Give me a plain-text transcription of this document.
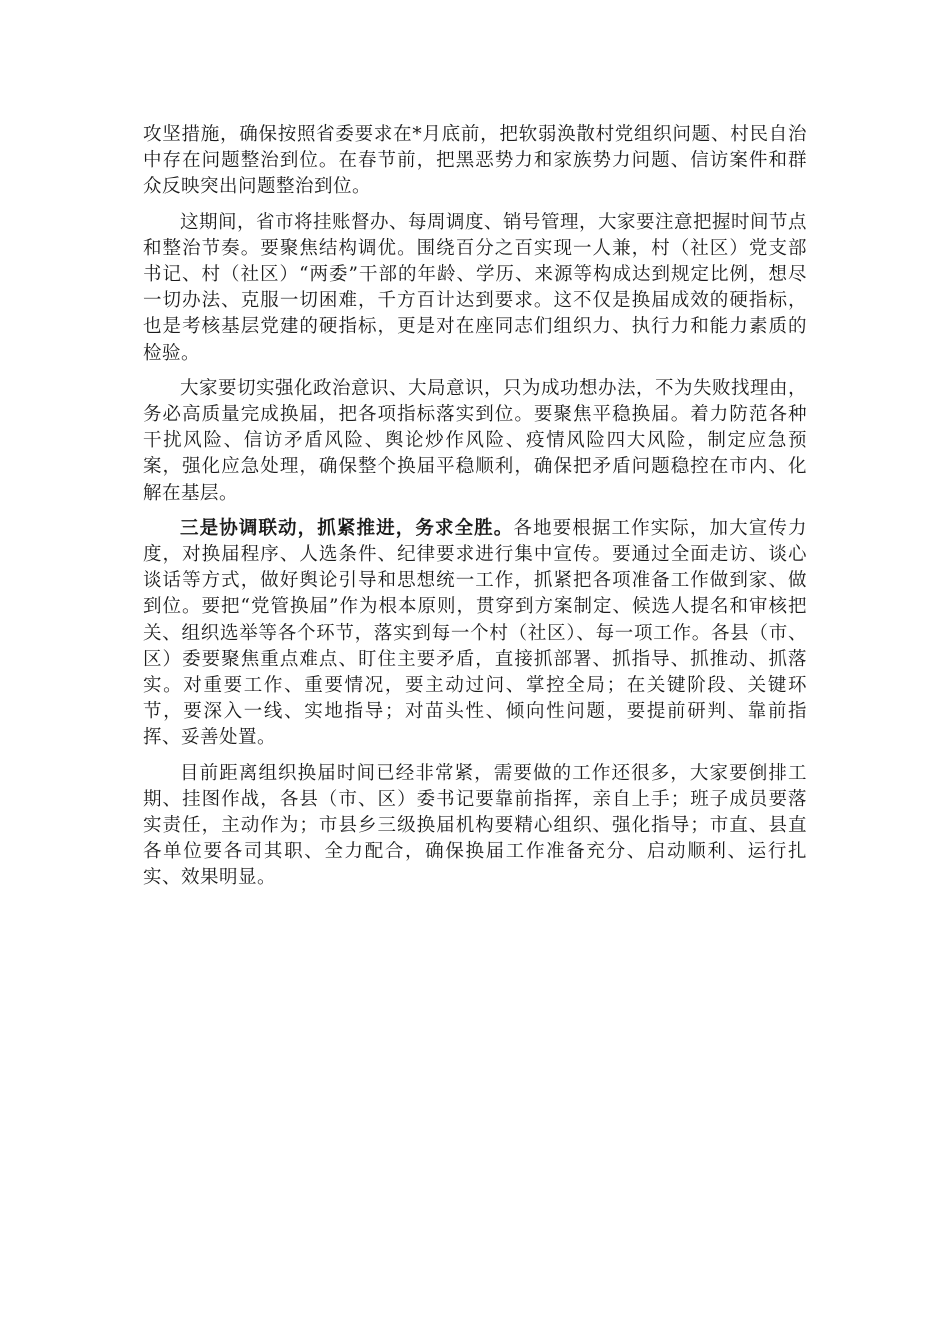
攻坚措施，确保按照省委要求在*月底前，把软弱涣散村党组织问题、村民自治中存在问题整治到位。在春节前，把黑恶势力和家族势力问题、信访案件和群众反映突出问题整治到位。

这期间，省市将挂账督办、每周调度、销号管理，大家要注意把握时间节点和整治节奏。要聚焦结构调优。围绕百分之百实现一人兼，村（社区）党支部书记、村（社区）“两委”干部的年龄、学历、来源等构成达到规定比例，想尽一切办法、克服一切困难，千方百计达到要求。这不仅是换届成效的硬指标，也是考核基层党建的硬指标，更是对在座同志们组织力、执行力和能力素质的检验。

大家要切实强化政治意识、大局意识，只为成功想办法，不为失败找理由，务必高质量完成换届，把各项指标落实到位。要聚焦平稳换届。着力防范各种干扰风险、信访矛盾风险、舆论炒作风险、疫情风险四大风险，制定应急预案，强化应急处理，确保整个换届平稳顺利，确保把矛盾问题稳控在市内、化解在基层。

三是协调联动，抓紧推进，务求全胜。各地要根据工作实际，加大宣传力度，对换届程序、人选条件、纪律要求进行集中宣传。要通过全面走访、谈心谈话等方式，做好舆论引导和思想统一工作，抓紧把各项准备工作做到家、做到位。要把“党管换届”作为根本原则，贯穿到方案制定、候选人提名和审核把关、组织选举等各个环节，落实到每一个村（社区）、每一项工作。各县（市、区）委要聚焦重点难点、盯住主要矛盾，直接抓部署、抓指导、抓推动、抓落实。对重要工作、重要情况，要主动过问、掌控全局；在关键阶段、关键环节，要深入一线、实地指导；对苗头性、倾向性问题，要提前研判、靠前指挥、妥善处置。

目前距离组织换届时间已经非常紧，需要做的工作还很多，大家要倒排工期、挂图作战，各县（市、区）委书记要靠前指挥，亲自上手；班子成员要落实责任，主动作为；市县乡三级换届机构要精心组织、强化指导；市直、县直各单位要各司其职、全力配合，确保换届工作准备充分、启动顺利、运行扎实、效果明显。
